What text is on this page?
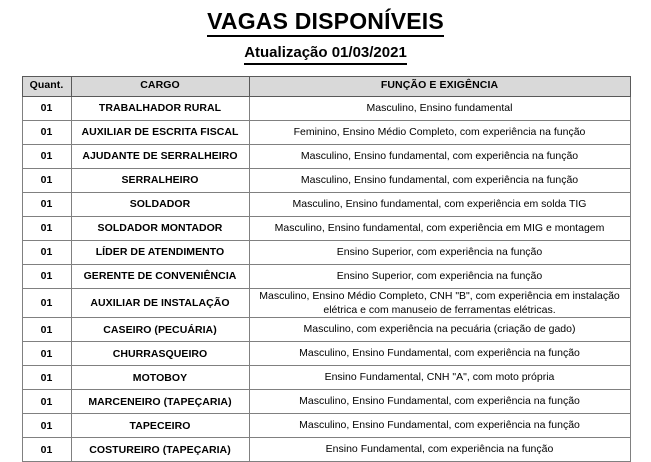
VAGAS DISPONÍVEIS
Atualização 01/03/2021
Quant.	CARGO	FUNÇÃO E EXIGÊNCIA
01	TRABALHADOR RURAL	Masculino, Ensino fundamental
01	AUXILIAR DE ESCRITA FISCAL	Feminino, Ensino Médio Completo, com experiência na função
01	AJUDANTE DE SERRALHEIRO	Masculino, Ensino fundamental, com experiência na função
01	SERRALHEIRO	Masculino, Ensino fundamental, com experiência na função
01	SOLDADOR	Masculino, Ensino fundamental, com experiência em solda TIG
01	SOLDADOR MONTADOR	Masculino, Ensino fundamental, com experiência em MIG e montagem
01	LÍDER DE ATENDIMENTO	Ensino Superior, com experiência na função
01	GERENTE DE CONVENIÊNCIA	Ensino Superior, com experiência na função
01	AUXILIAR DE INSTALAÇÃO	Masculino, Ensino Médio Completo, CNH "B", com experiência em instalação elétrica e com manuseio de ferramentas elétricas.
01	CASEIRO (PECUÁRIA)	Masculino, com experiência na pecuária (criação de gado)
01	CHURRASQUEIRO	Masculino, Ensino Fundamental, com experiência na função
01	MOTOBOY	Ensino Fundamental, CNH "A", com moto própria
01	MARCENEIRO (TAPEÇARIA)	Masculino, Ensino Fundamental, com experiência na função
01	TAPECEIRO	Masculino, Ensino Fundamental, com experiência na função
01	COSTUREIRO (TAPEÇARIA)	Ensino Fundamental, com experiência na função
